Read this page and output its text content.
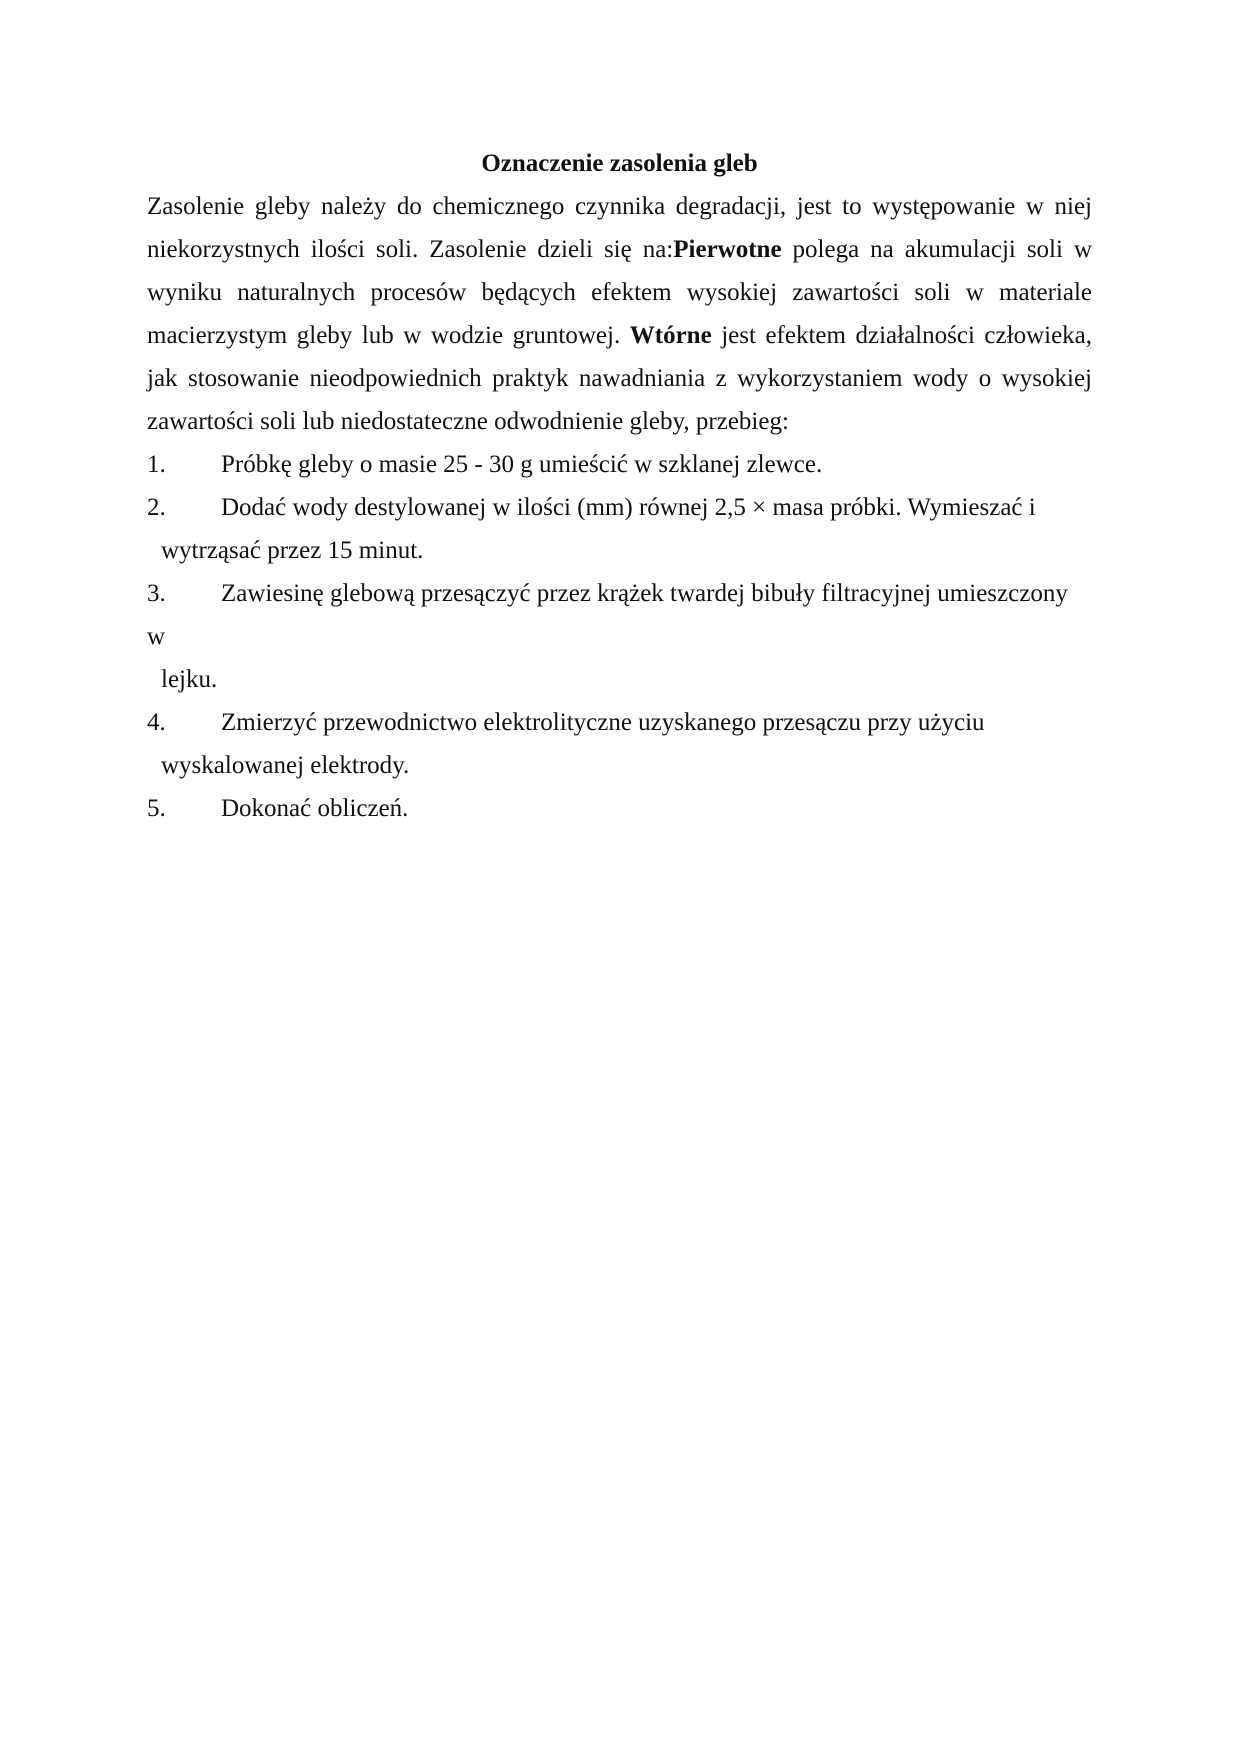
Oznaczenie zasolenia gleb

Zasolenie gleby należy do chemicznego czynnika degradacji, jest to występowanie w niej niekorzystnych ilości soli. Zasolenie dzieli się na:Pierwotne polega na akumulacji soli w wyniku naturalnych procesów będących efektem wysokiej zawartości soli w materiale macierzystym gleby lub w wodzie gruntowej. Wtórne jest efektem działalności człowieka, jak stosowanie nieodpowiednich praktyk nawadniania z wykorzystaniem wody o wysokiej zawartości soli lub niedostateczne odwodnienie gleby, przebieg:

1. Próbkę gleby o masie 25 - 30 g umieścić w szklanej zlewce.
2. Dodać wody destylowanej w ilości (mm) równej 2,5 × masa próbki. Wymieszać i
wytrząsać przez 15 minut.
3. Zawiesinę glebową przesączyć przez krążek twardej bibuły filtracyjnej umieszczony w
lejku.
4. Zmierzyć przewodnictwo elektrolityczne uzyskanego przesączu przy użyciu
wyskalowanej elektrody.
5. Dokonać obliczeń.
